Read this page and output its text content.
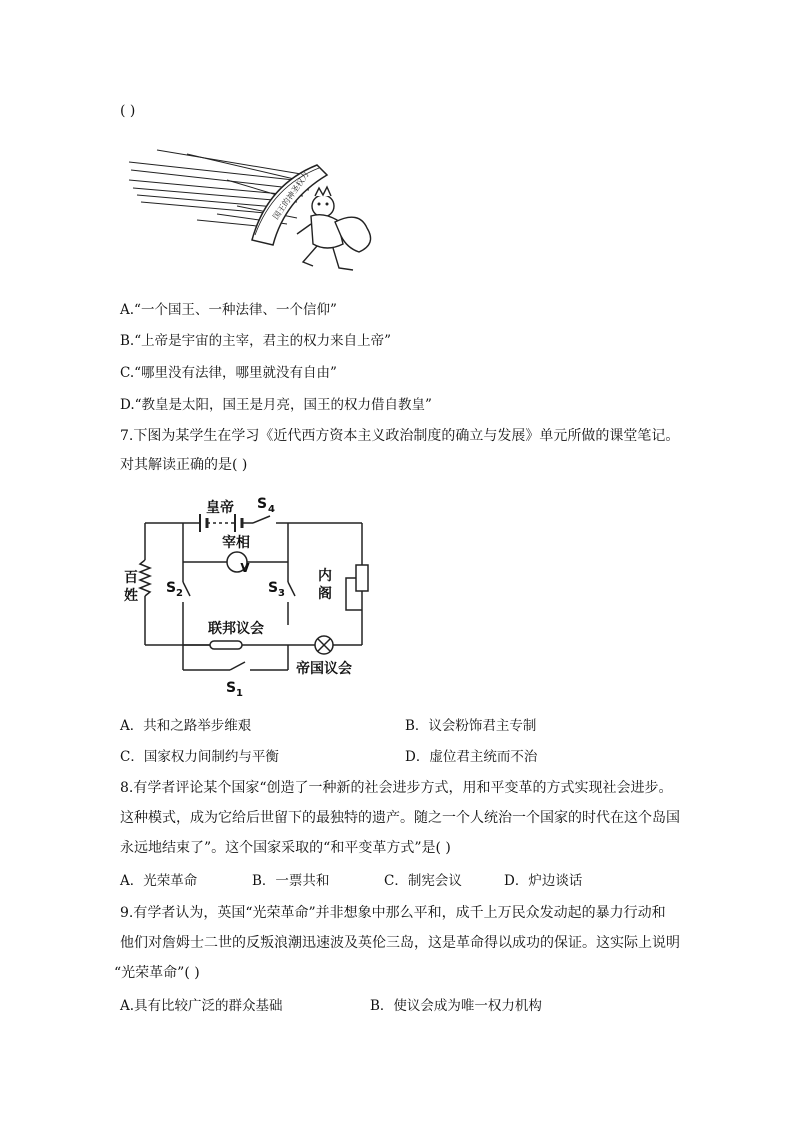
( )
国王的神圣权力
A.“一个国王、一种法律、一个信仰”
B.“上帝是宇宙的主宰，君主的权力来自上帝”
C.“哪里没有法律，哪里就没有自由”
D.“教皇是太阳，国王是月亮，国王的权力借自教皇”
7.下图为某学生在学习《近代西方资本主义政治制度的确立与发展》单元所做的课堂笔记。
对其解读正确的是( )
V
皇帝
宰相
S 4
百
姓 S 2	S 3
内
阁
联邦议会
帝国议会
S 1
A．共和之路举步维艰	B．议会粉饰君主专制
C．国家权力间制约与平衡	D．虚位君主统而不治
8.有学者评论某个国家“创造了一种新的社会进步方式，用和平变革的方式实现社会进步。
这种模式，成为它给后世留下的最独特的遗产。随之一个人统治一个国家的时代在这个岛国
永远地结束了”。这个国家采取的“和平变革方式”是( )
A．光荣革命	B．一票共和	C．制宪会议	D．炉边谈话
9.有学者认为，英国“光荣革命”并非想象中那么平和，成千上万民众发动起的暴力行动和
他们对詹姆士二世的反叛浪潮迅速波及英伦三岛，这是革命得以成功的保证。这实际上说明
“光荣革命”( )
A.具有比较广泛的群众基础	B．使议会成为唯一权力机构
